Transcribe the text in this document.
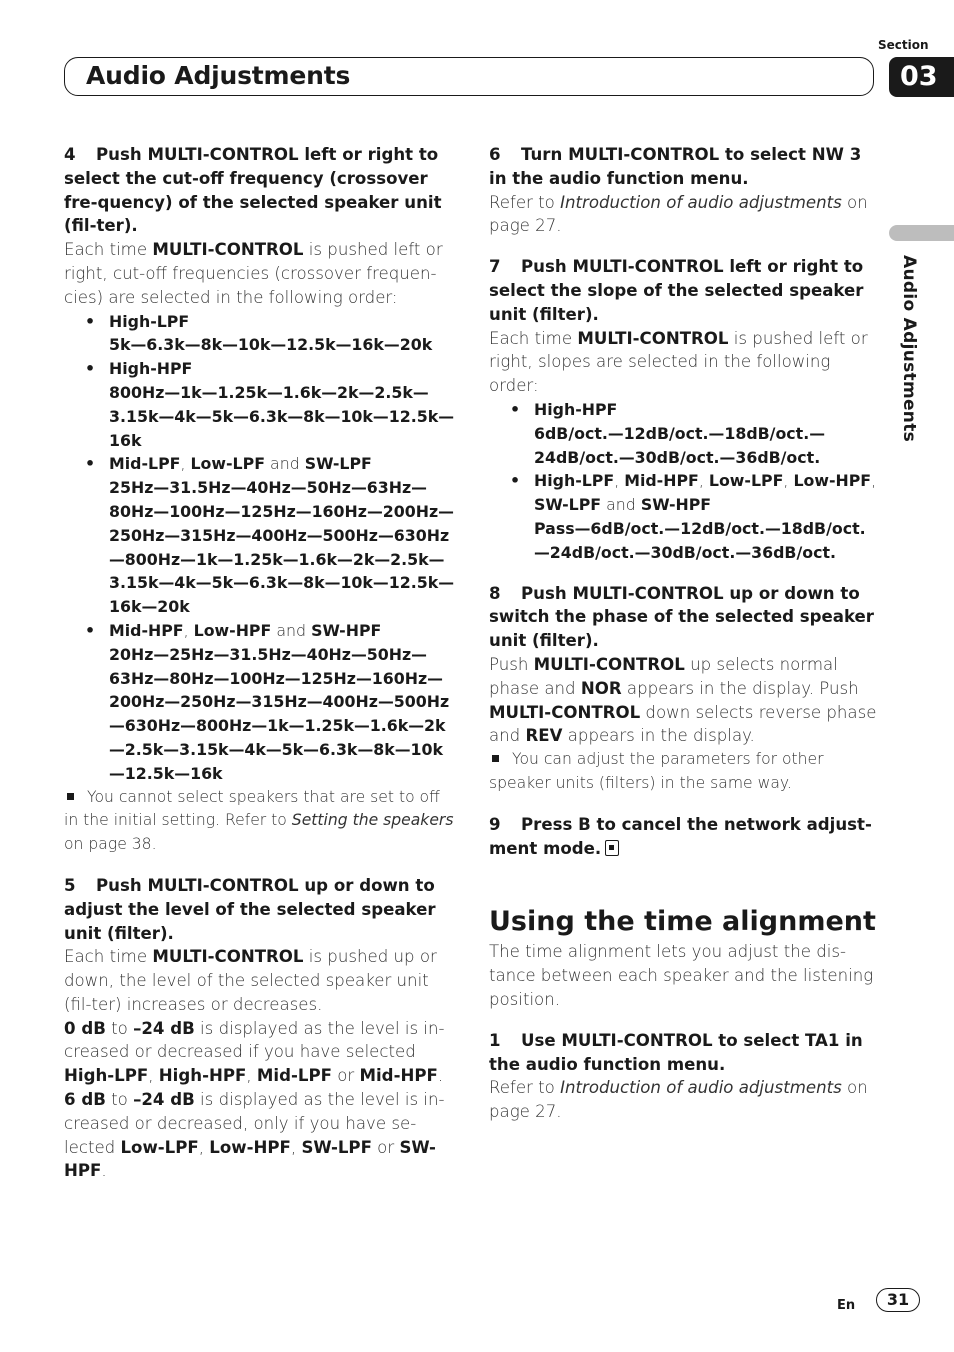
Section
03
Audio Adjustments
Audio Adjustments

4 Push MULTI-CONTROL left or right to select the cut-off frequency (crossover fre-quency) of the selected speaker unit (fil-ter).

Each time MULTI-CONTROL is pushed left or right, cut-off frequencies (crossover frequen-cies) are selected in the following order:

• High-LPF
5k—6.3k—8k—10k—12.5k—16k—20k
• High-HPF
800Hz—1k—1.25k—1.6k—2k—2.5k—3.15k—4k—5k—6.3k—8k—10k—12.5k—16k
• Mid-LPF, Low-LPF and SW-LPF
25Hz—31.5Hz—40Hz—50Hz—63Hz—80Hz—100Hz—125Hz—160Hz—200Hz—250Hz—315Hz—400Hz—500Hz—630Hz—800Hz—1k—1.25k—1.6k—2k—2.5k—3.15k—4k—5k—6.3k—8k—10k—12.5k—16k—20k
• Mid-HPF, Low-HPF and SW-HPF
20Hz—25Hz—31.5Hz—40Hz—50Hz—63Hz—80Hz—100Hz—125Hz—160Hz—200Hz—250Hz—315Hz—400Hz—500Hz—630Hz—800Hz—1k—1.25k—1.6k—2k—2.5k—3.15k—4k—5k—6.3k—8k—10k—12.5k—16k

You cannot select speakers that are set to off in the initial setting. Refer to Setting the speakers on page 38.

5 Push MULTI-CONTROL up or down to adjust the level of the selected speaker unit (filter).

Each time MULTI-CONTROL is pushed up or down, the level of the selected speaker unit (fil-ter) increases or decreases.

0 dB to –24 dB is displayed as the level is in-creased or decreased if you have selected High-LPF, High-HPF, Mid-LPF or Mid-HPF.

6 dB to –24 dB is displayed as the level is in-creased or decreased, only if you have se-lected Low-LPF, Low-HPF, SW-LPF or SW-HPF.

6 Turn MULTI-CONTROL to select NW 3 in the audio function menu.

Refer to Introduction of audio adjustments on page 27.

7 Push MULTI-CONTROL left or right to select the slope of the selected speaker unit (filter).

Each time MULTI-CONTROL is pushed left or right, slopes are selected in the following order:

• High-HPF
6dB/oct.—12dB/oct.—18dB/oct.—24dB/oct.—30dB/oct.—36dB/oct.
• High-LPF, Mid-HPF, Low-LPF, Low-HPF, SW-LPF and SW-HPF
Pass—6dB/oct.—12dB/oct.—18dB/oct.—24dB/oct.—30dB/oct.—36dB/oct.

8 Push MULTI-CONTROL up or down to switch the phase of the selected speaker unit (filter).

Push MULTI-CONTROL up selects normal phase and NOR appears in the display. Push MULTI-CONTROL down selects reverse phase and REV appears in the display.

You can adjust the parameters for other speaker units (filters) in the same way.

9 Press B to cancel the network adjust-ment mode.

Using the time alignment

The time alignment lets you adjust the dis-tance between each speaker and the listening position.

1 Use MULTI-CONTROL to select TA1 in the audio function menu.

Refer to Introduction of audio adjustments on page 27.

En	31
